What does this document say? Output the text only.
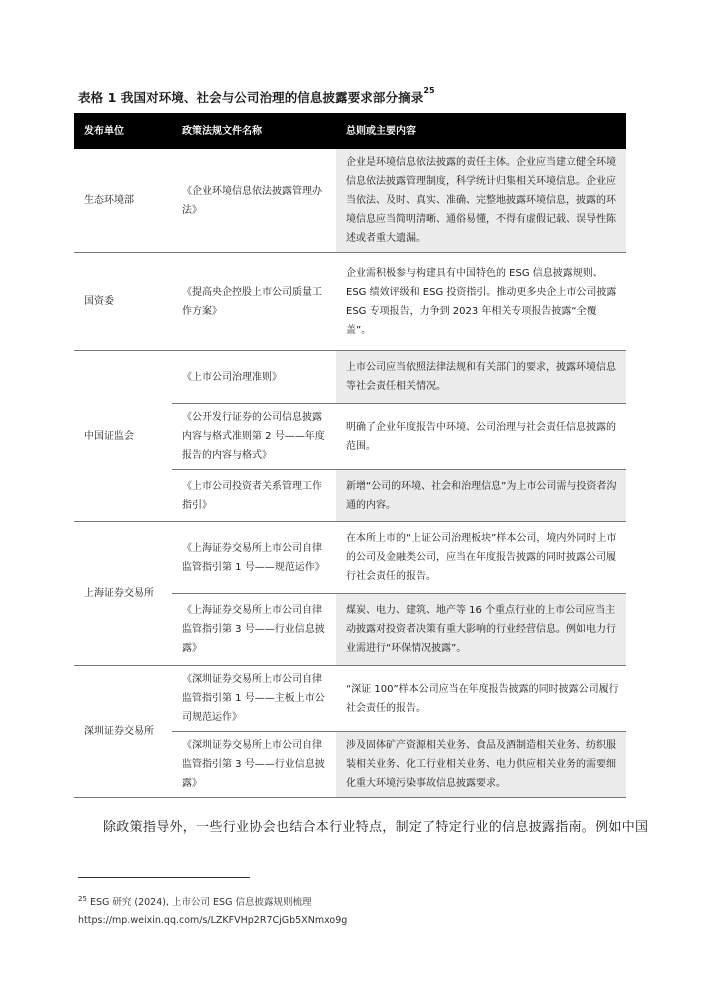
表格 1 我国对环境、社会与公司治理的信息披露要求部分摘录$^{25}$
发布单位	政策法规文件名称	总则或主要内容
生态环境部	《企业环境信息依法披露管理办法》	企业是环境信息依法披露的责任主体。企业应当建立健全环境信息依法披露管理制度，科学统计归集相关环境信息。企业应当依法、及时、真实、准确、完整地披露环境信息，披露的环境信息应当简明清晰、通俗易懂，不得有虚假记载、误导性陈述或者重大遗漏。
国资委	《提高央企控股上市公司质量工作方案》	企业需积极参与构建具有中国特色的 ESG 信息披露规则、ESG 绩效评级和 ESG 投资指引。推动更多央企上市公司披露 ESG 专项报告，力争到 2023 年相关专项报告披露“全覆盖”。
中国证监会	《上市公司治理准则》	上市公司应当依照法律法规和有关部门的要求，披露环境信息等社会责任相关情况。
	《公开发行证券的公司信息披露内容与格式准则第 2 号——年度报告的内容与格式》	明确了企业年度报告中环境、公司治理与社会责任信息披露的范围。
	《上市公司投资者关系管理工作指引》	新增“公司的环境、社会和治理信息”为上市公司需与投资者沟通的内容。
上海证券交易所	《上海证券交易所上市公司自律监管指引第 1 号——规范运作》	在本所上市的“上证公司治理板块”样本公司，境内外同时上市的公司及金融类公司，应当在年度报告披露的同时披露公司履行社会责任的报告。
	《上海证券交易所上市公司自律监管指引第 3 号——行业信息披露》	煤炭、电力、建筑、地产等 16 个重点行业的上市公司应当主动披露对投资者决策有重大影响的行业经营信息。例如电力行业需进行“环保情况披露”。
深圳证券交易所	《深圳证券交易所上市公司自律监管指引第 1 号——主板上市公司规范运作》	“深证 100”样本公司应当在年度报告披露的同时披露公司履行社会责任的报告。
	《深圳证券交易所上市公司自律监管指引第 3 号——行业信息披露》	涉及固体矿产资源相关业务、食品及酒制造相关业务、纺织服装相关业务、化工行业相关业务、电力供应相关业务的需要细化重大环境污染事故信息披露要求。
除政策指导外，一些行业协会也结合本行业特点，制定了特定行业的信息披露指南。例如中国
$^{25}$ ESG 研究 (2024), 上市公司 ESG 信息披露规则梳理
https://mp.weixin.qq.com/s/LZKFVHp2R7CjGb5XNmxo9g
